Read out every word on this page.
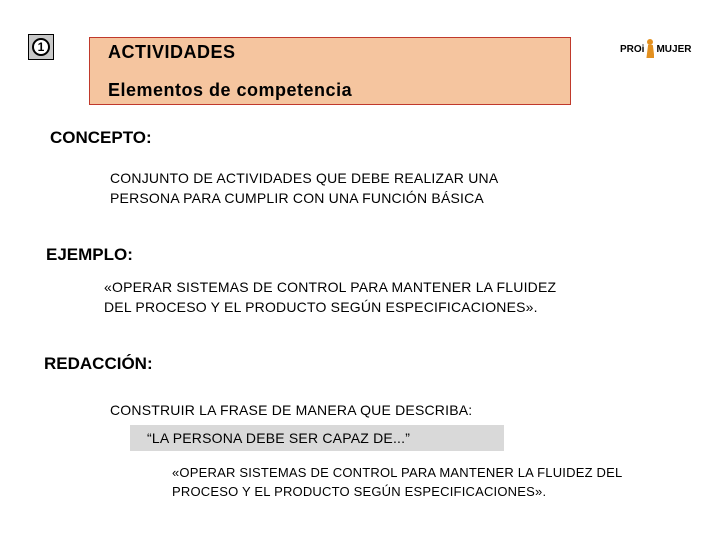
1	ACTIVIDADES
Elementos de competencia
PROi MUJER
CONCEPTO:
CONJUNTO DE ACTIVIDADES QUE DEBE REALIZAR UNA
PERSONA PARA CUMPLIR CON UNA FUNCIÓN BÁSICA
EJEMPLO:
«OPERAR SISTEMAS DE CONTROL PARA MANTENER LA FLUIDEZ
DEL PROCESO Y EL PRODUCTO SEGÚN ESPECIFICACIONES».
REDACCIÓN:
CONSTRUIR LA FRASE DE MANERA QUE DESCRIBA:
“LA PERSONA DEBE SER CAPAZ DE...”
«OPERAR SISTEMAS DE CONTROL PARA MANTENER LA FLUIDEZ DEL
PROCESO Y EL PRODUCTO SEGÚN ESPECIFICACIONES».
